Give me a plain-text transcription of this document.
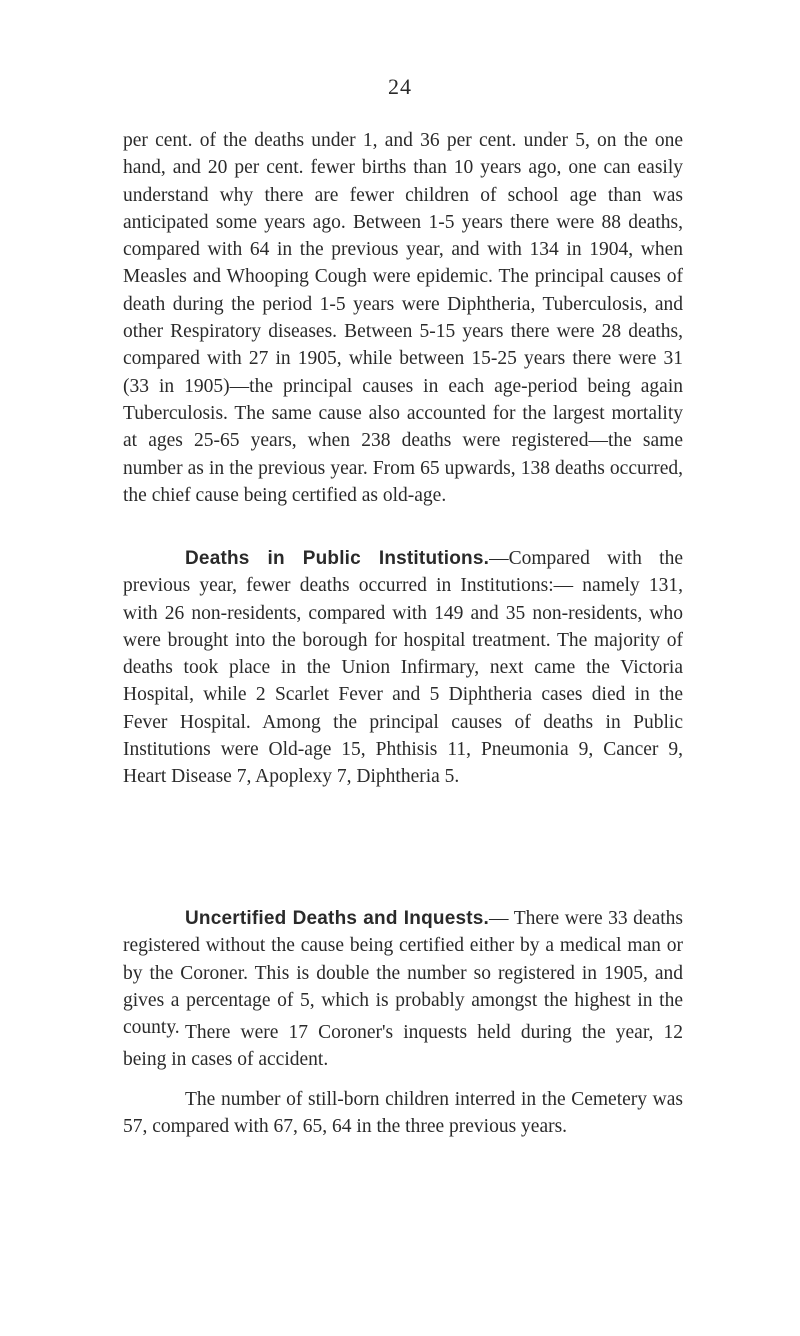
24

per cent. of the deaths under 1, and 36 per cent. under 5, on the one hand, and 20 per cent. fewer births than 10 years ago, one can easily understand why there are fewer children of school age than was anticipated some years ago. Between 1-5 years there were 88 deaths, compared with 64 in the previous year, and with 134 in 1904, when Measles and Whooping Cough were epidemic. The principal causes of death during the period 1-5 years were Diphtheria, Tuberculosis, and other Respiratory diseases. Between 5-15 years there were 28 deaths, compared with 27 in 1905, while between 15-25 years there were 31 (33 in 1905)—the principal causes in each age-period being again Tuberculosis. The same cause also accounted for the largest mortality at ages 25-65 years, when 238 deaths were registered—the same number as in the previous year. From 65 upwards, 138 deaths occurred, the chief cause being certified as old-age.

Deaths in Public Institutions.—Compared with the previous year, fewer deaths occurred in Institutions:— namely 131, with 26 non-residents, compared with 149 and 35 non-residents, who were brought into the borough for hospital treatment. The majority of deaths took place in the Union Infirmary, next came the Victoria Hospital, while 2 Scarlet Fever and 5 Diphtheria cases died in the Fever Hospital. Among the principal causes of deaths in Public Institutions were Old-age 15, Phthisis 11, Pneumonia 9, Cancer 9, Heart Disease 7, Apoplexy 7, Diphtheria 5.

Uncertified Deaths and Inquests.— There were 33 deaths registered without the cause being certified either by a medical man or by the Coroner. This is double the number so registered in 1905, and gives a percentage of 5, which is probably amongst the highest in the county. There were 17 Coroner's inquests held during the year, 12 being in cases of accident.

The number of still-born children interred in the Cemetery was 57, compared with 67, 65, 64 in the three previous years.
